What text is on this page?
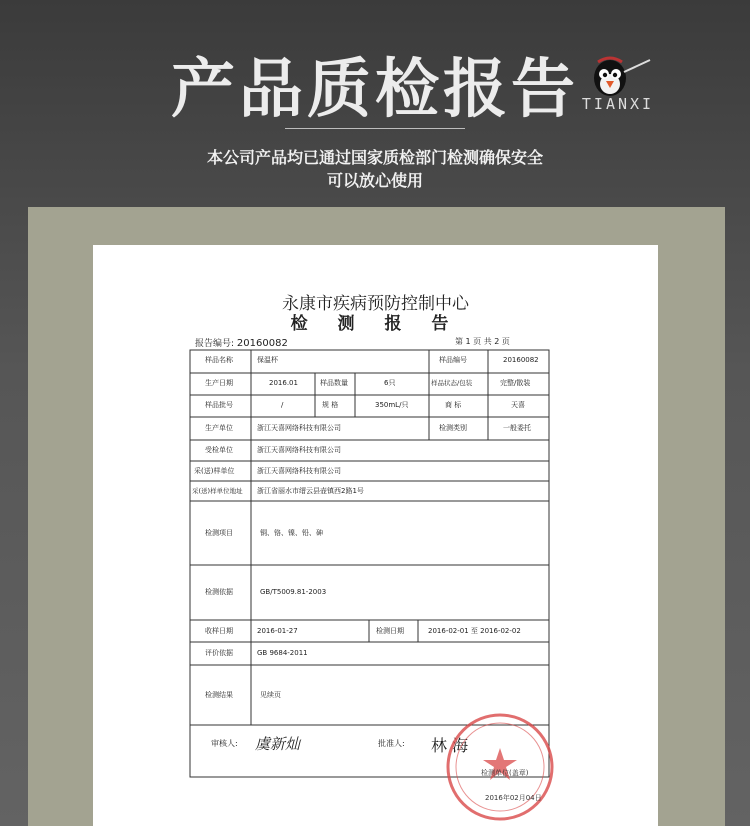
产品质检报告 TIANXI
本公司产品均已通过国家质检部门检测确保安全
可以放心使用
永康市疾病预防控制中心
检 测 报 告
报告编号: 20160082	第 1 页 共 2 页
样品名称	保温杯	样品编号	20160082
生产日期	2016.01	样品数量	6只	样品状态/包装	完整/散装
样品批号	/	规 格	350mL/只	商 标	天喜
生产单位	浙江天喜网络科技有限公司	检测类别	一般委托
受检单位	浙江天喜网络科技有限公司
采(送)样单位	浙江天喜网络科技有限公司
采(送)样单位地址 浙江省丽水市缙云县壶镇西2路1号
检测项目	铜、铬、镍、铅、砷
检测依据	GB/T5009.81-2003
收样日期	2016-01-27	检测日期	2016-02-01 至 2016-02-02
评价依据	GB 9684-2011
检测结果	见续页
审核人: 虞新灿	批准人: 林 海
检测单位(盖章)
2016年02月04日
